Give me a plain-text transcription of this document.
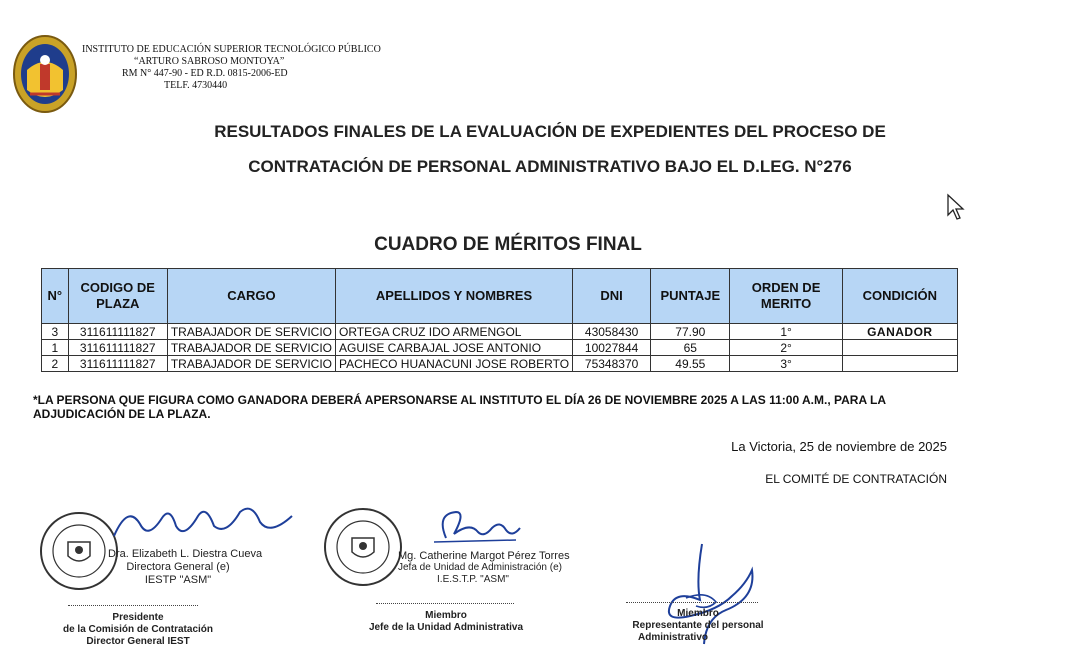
INSTITUTO DE EDUCACIÓN SUPERIOR TECNOLÓGICO PÚBLICO
“ARTURO SABROSO MONTOYA”
RM N° 447-90 - ED R.D. 0815-2006-ED
TELF. 4730440
RESULTADOS FINALES DE LA EVALUACIÓN DE EXPEDIENTES DEL PROCESO DE
CONTRATACIÓN DE PERSONAL ADMINISTRATIVO BAJO EL D.LEG. N°276
CUADRO DE MÉRITOS FINAL
N°	CODIGO DE PLAZA	CARGO	APELLIDOS Y NOMBRES	DNI	PUNTAJE	ORDEN DE MERITO	CONDICIÓN
3	311611111827	TRABAJADOR DE SERVICIO	ORTEGA CRUZ IDO ARMENGOL	43058430	77.90	1°	GANADOR
1	311611111827	TRABAJADOR DE SERVICIO	AGUISE CARBAJAL JOSE ANTONIO	10027844	65	2°	
2	311611111827	TRABAJADOR DE SERVICIO	PACHECO HUANACUNI JOSE ROBERTO	75348370	49.55	3°	
*LA PERSONA QUE FIGURA COMO GANADORA DEBERÁ APERSONARSE AL INSTITUTO EL DÍA 26 DE NOVIEMBRE 2025 A LAS 11:00 A.M., PARA LA ADJUDICACIÓN DE LA PLAZA.
La Victoria, 25 de noviembre de 2025
EL COMITÉ DE CONTRATACIÓN
Dra. Elizabeth L. Diestra Cueva
Directora General (e)
IESTP "ASM"
Presidente
de la Comisión de Contratación
Director General IEST
Mg. Catherine Margot Pérez Torres
Jefa de Unidad de Administración (e)
I.E.S.T.P. "ASM"
Miembro
Jefe de la Unidad Administrativa
Miembro
Representante del personal
Administrativo
